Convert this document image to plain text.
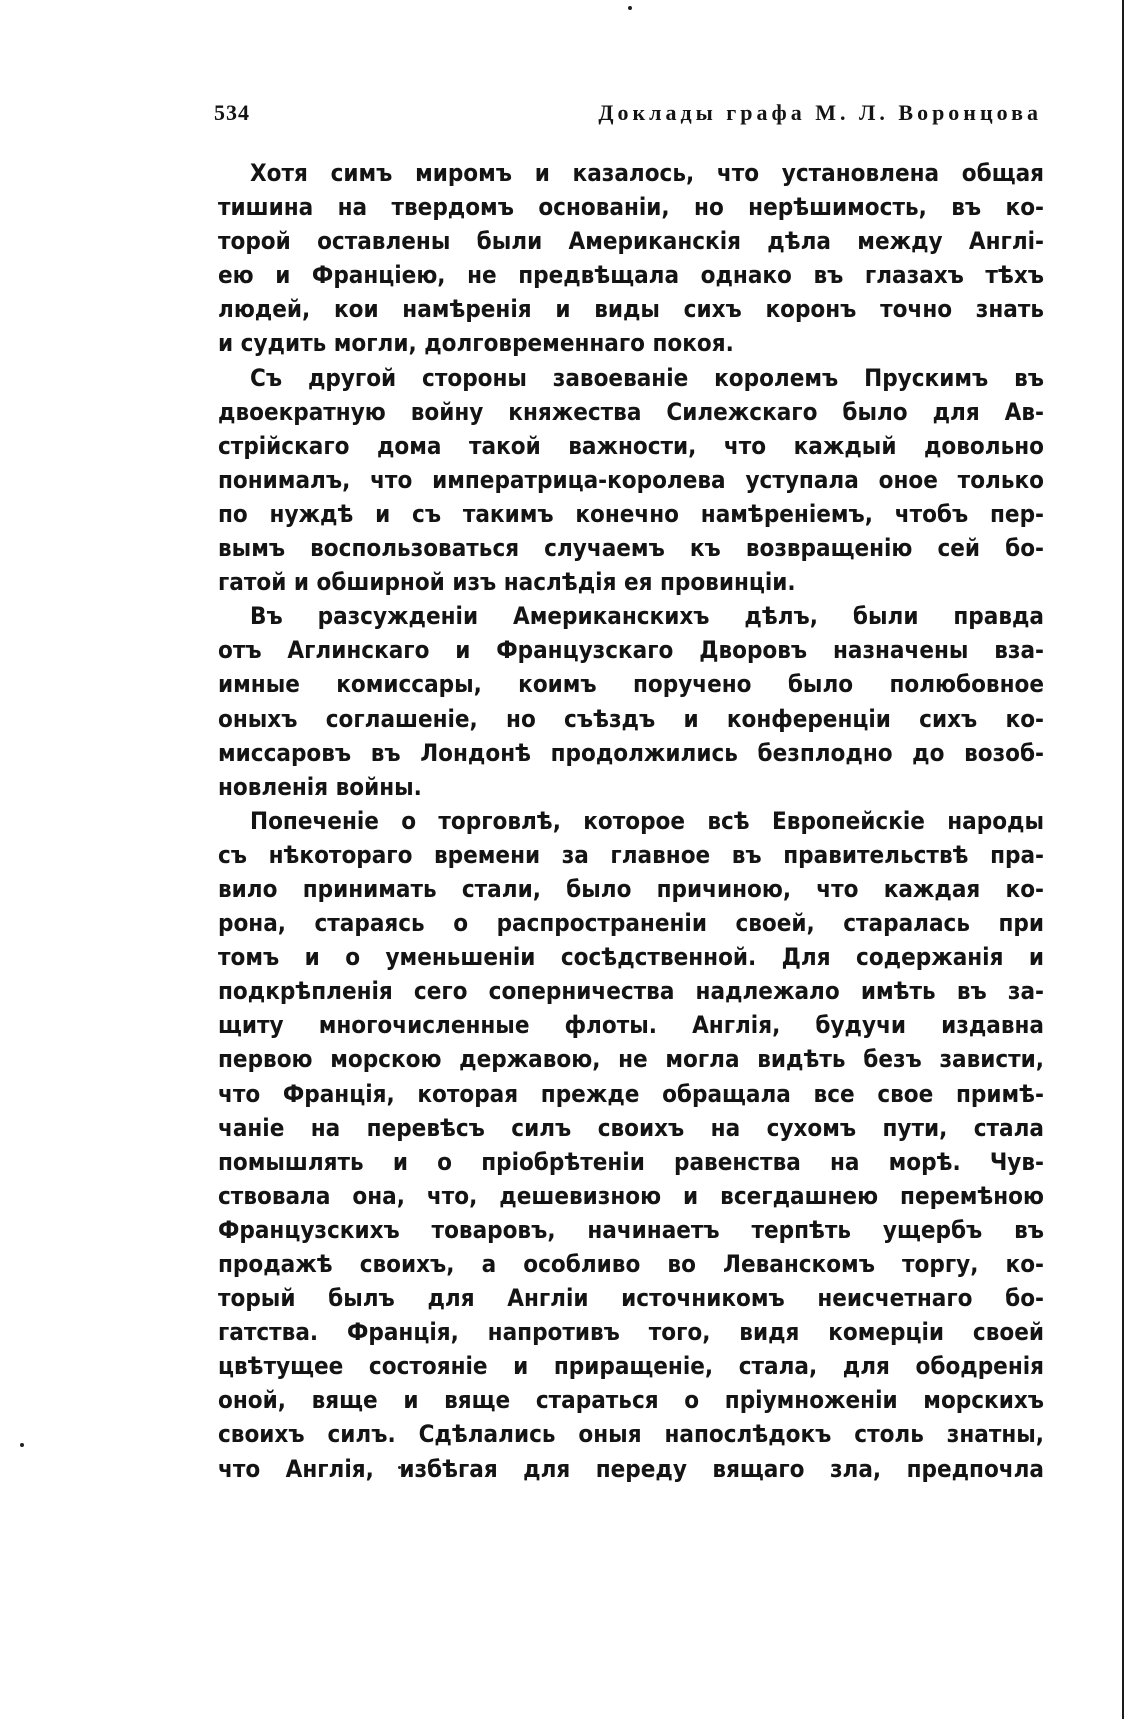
534	Доклады графа М. Л. Воронцова
Хотя симъ миромъ и казалось, что установлена общая
тишина на твердомъ основанiи, но нерѣшимость, въ ко-
торой оставлены были Американскiя дѣла между Англi-
ею и Францiею, не предвѣщала однако въ глазахъ тѣхъ
людей, кои намѣренiя и виды сихъ коронъ точно знать
и судить могли, долговременнаго покоя.
Съ другой стороны завоеванiе королемъ Прускимъ въ
двоекратную войну княжества Силежскаго было для Ав-
стрiйскаго дома такой важности, что каждый довольно
понималъ, что императрица-королева уступала оное только
по нуждѣ и съ такимъ конечно намѣренiемъ, чтобъ пер-
вымъ воспользоваться случаемъ къ возвращенiю сей бо-
гатой и обширной изъ наслѣдiя ея провинцiи.
Въ разсужденiи Американскихъ дѣлъ, были правда
отъ Аглинскаго и Французскаго Дворовъ назначены вза-
имные комиссары, коимъ поручено было полюбовное
оныхъ соглашенiе, но съѣздъ и конференцiи сихъ ко-
миссаровъ въ Лондонѣ продолжились безплодно до возоб-
новленiя войны.
Попеченiе о торговлѣ, которое всѣ Европейскiе народы
съ нѣкотораго времени за главное въ правительствѣ пра-
вило принимать стали, было причиною, что каждая ко-
рона, стараясь о распространенiи своей, старалась при
томъ и о уменьшенiи сосѣдственной. Для содержанiя и
подкрѣпленiя сего соперничества надлежало имѣть въ за-
щиту многочисленные флоты. Англiя, будучи издавна
первою морскою державою, не могла видѣть безъ зависти,
что Францiя, которая прежде обращала все свое примѣ-
чанiе на перевѣсъ силъ своихъ на сухомъ пути, стала
помышлять и о прiобрѣтенiи равенства на морѣ. Чув-
ствовала она, что, дешевизною и всегдашнею перемѣною
Французскихъ товаровъ, начинаетъ терпѣть ущербъ въ
продажѣ своихъ, а особливо во Леванскомъ торгу, ко-
торый былъ для Англiи источникомъ неисчетнаго бо-
гатства. Францiя, напротивъ того, видя комерцiи своей
цвѣтущее состоянiе и приращенiе, стала, для ободренiя
оной, вяще и вяще стараться о прiумноженiи морскихъ
своихъ силъ. Сдѣлались оныя напослѣдокъ столь знатны,
что Англiя, избѣгая для переду вящаго зла, предпочла
